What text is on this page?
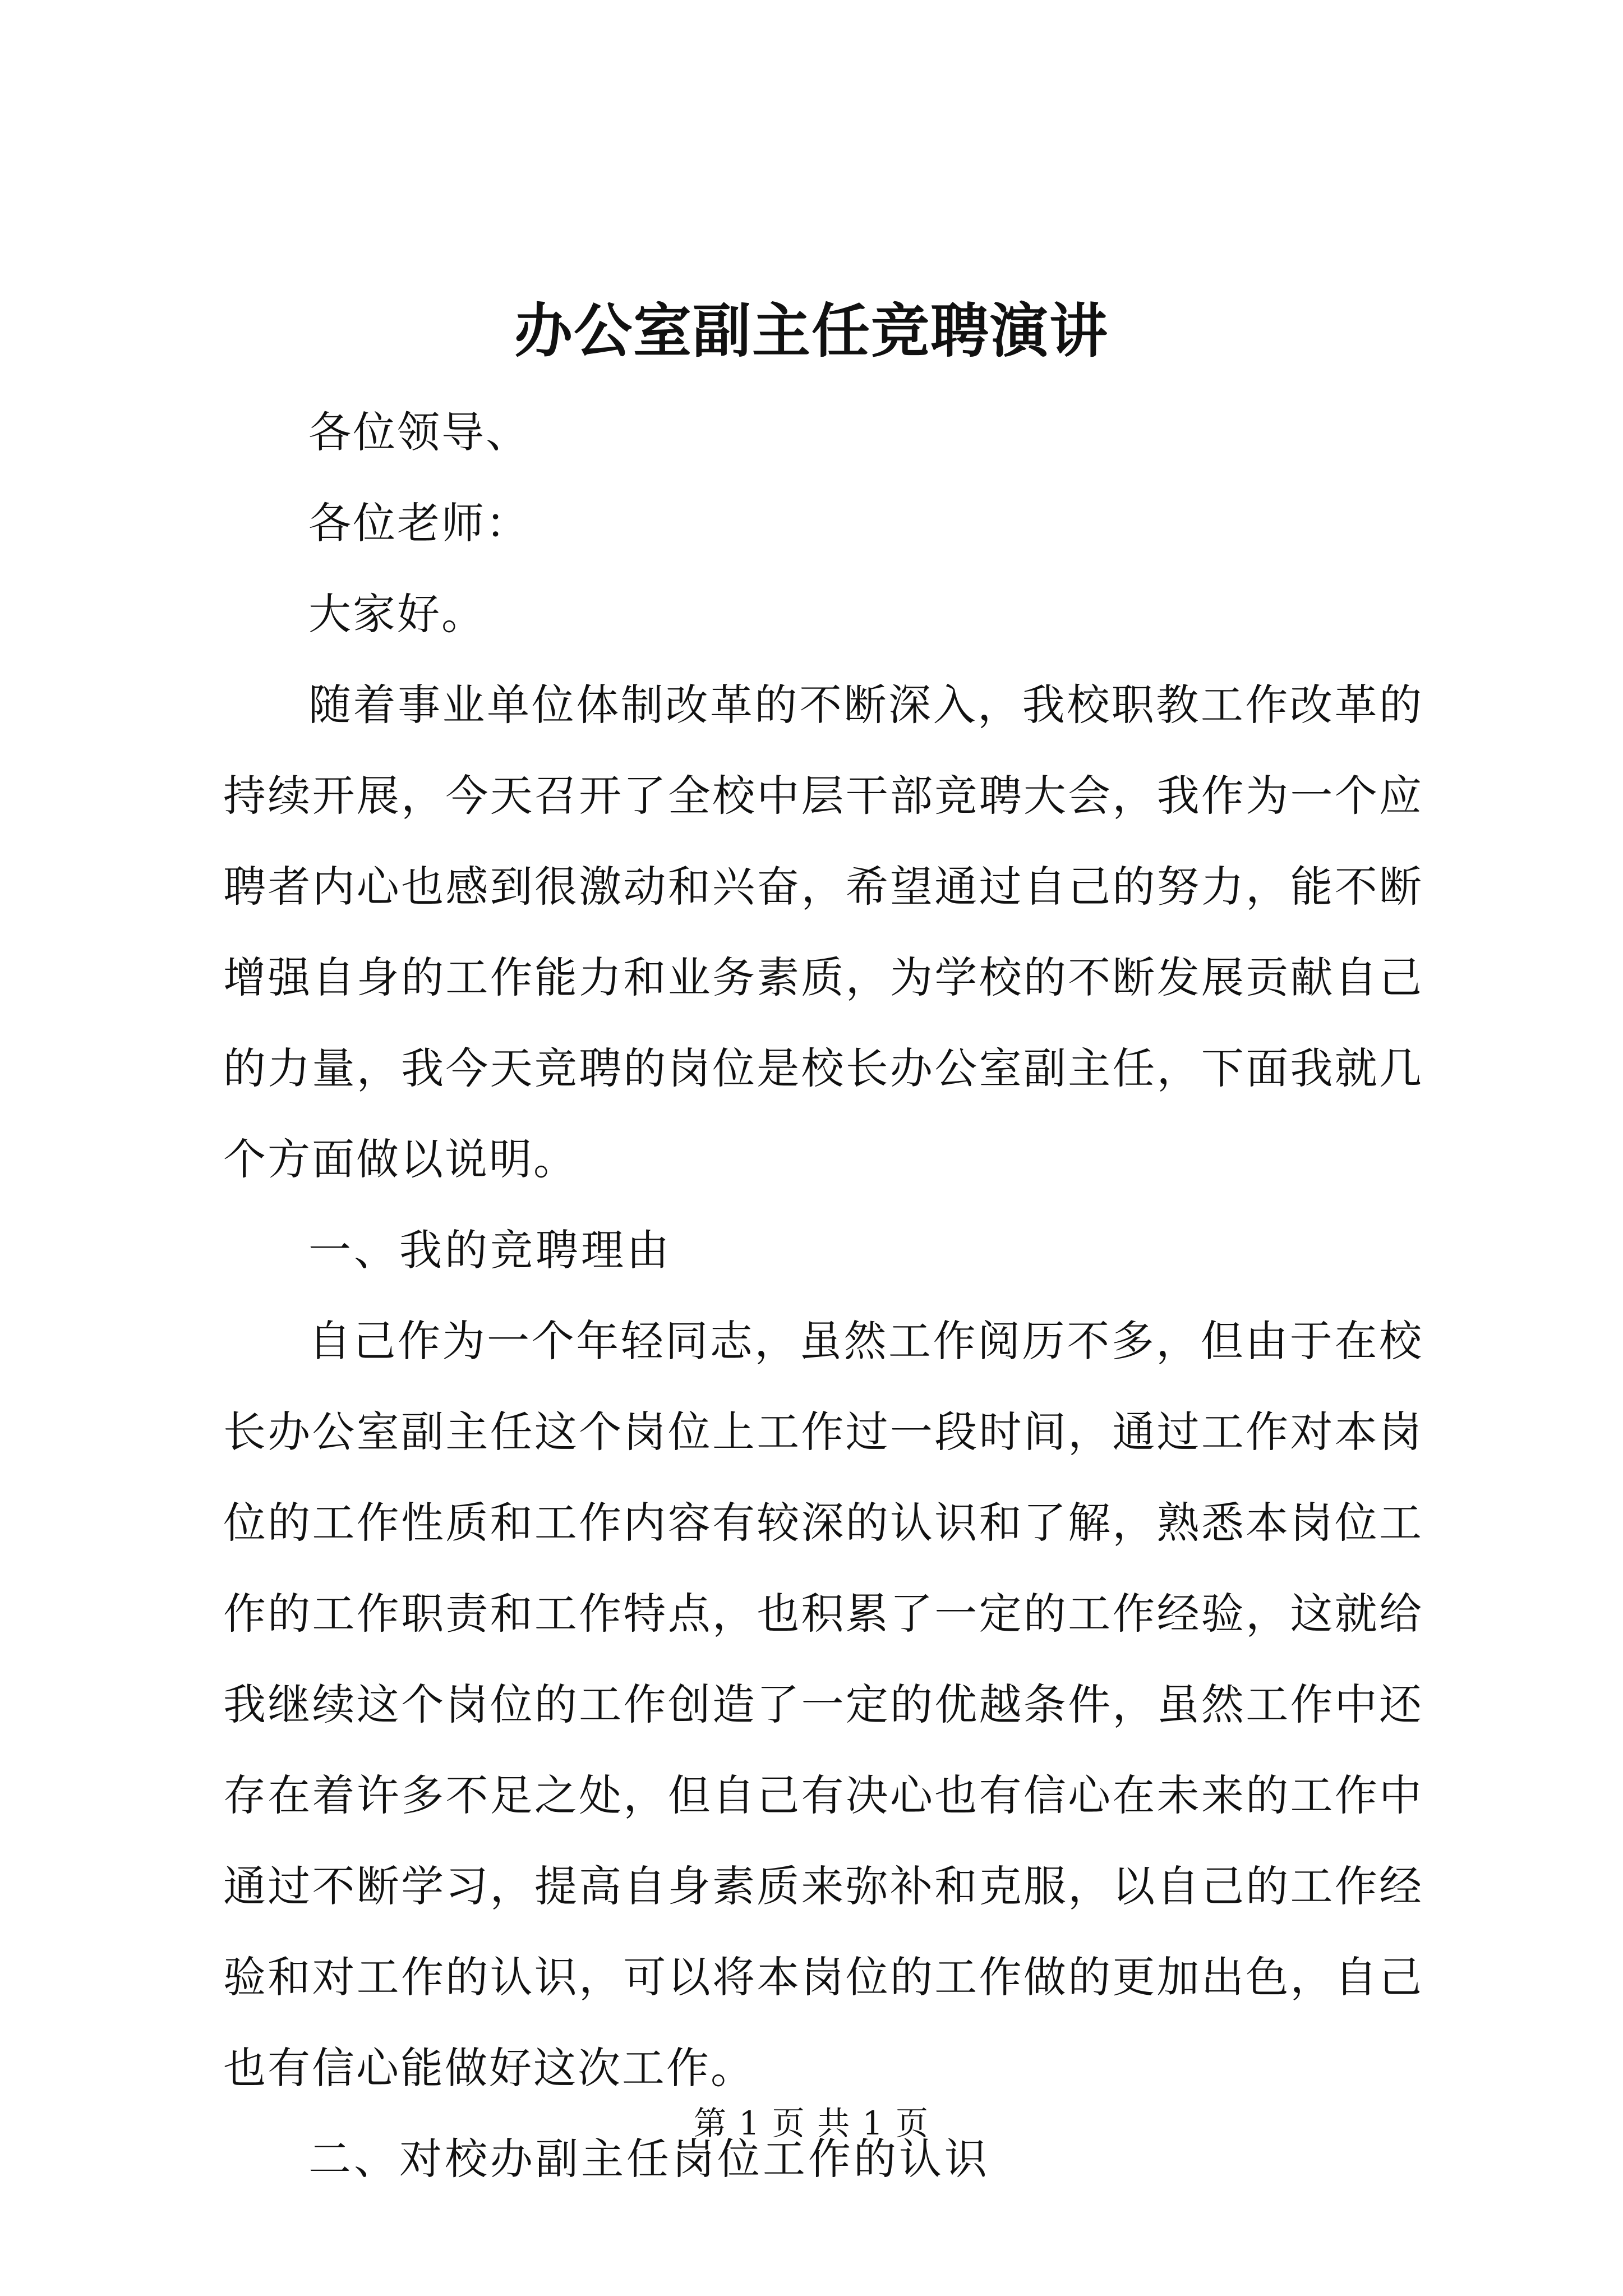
办公室副主任竞聘演讲

各位领导、

各位老师：

大家好。

随着事业单位体制改革的不断深入，我校职教工作改革的持续开展，今天召开了全校中层干部竞聘大会，我作为一个应聘者内心也感到很激动和兴奋，希望通过自己的努力，能不断增强自身的工作能力和业务素质，为学校的不断发展贡献自己的力量，我今天竞聘的岗位是校长办公室副主任，下面我就几个方面做以说明。

一、我的竞聘理由

自己作为一个年轻同志，虽然工作阅历不多，但由于在校长办公室副主任这个岗位上工作过一段时间，通过工作对本岗位的工作性质和工作内容有较深的认识和了解，熟悉本岗位工作的工作职责和工作特点，也积累了一定的工作经验，这就给我继续这个岗位的工作创造了一定的优越条件，虽然工作中还存在着许多不足之处，但自己有决心也有信心在未来的工作中通过不断学习，提高自身素质来弥补和克服，以自己的工作经验和对工作的认识，可以将本岗位的工作做的更加出色，自己也有信心能做好这次工作。

二、对校办副主任岗位工作的认识

第 1 页 共 1 页
